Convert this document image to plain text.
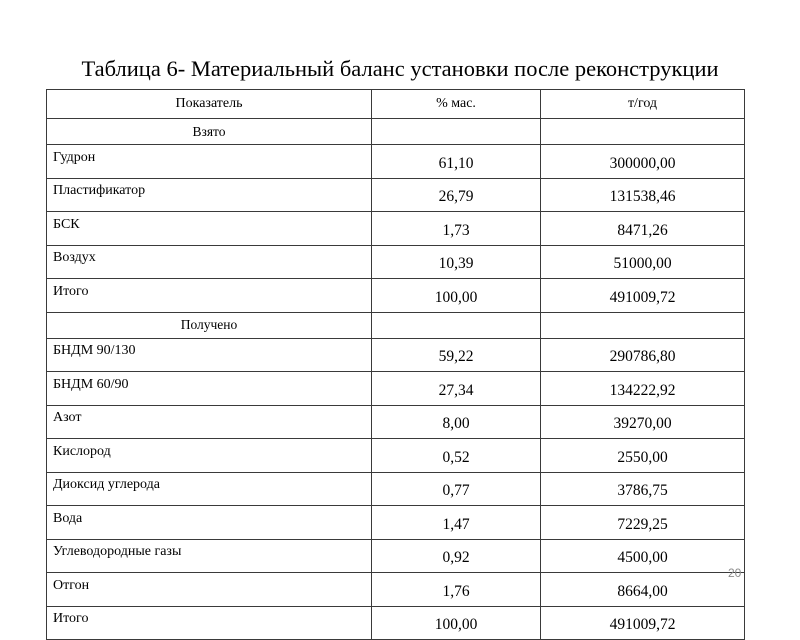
Таблица 6- Материальный баланс установки после реконструкции
Показатель	% мас.	т/год
Взято		
Гудрон	61,10	300000,00
Пластификатор	26,79	131538,46
БСК	1,73	8471,26
Воздух	10,39	51000,00
Итого	100,00	491009,72
Получено		
БНДМ 90/130	59,22	290786,80
БНДМ 60/90	27,34	134222,92
Азот	8,00	39270,00
Кислород	0,52	2550,00
Диоксид углерода	0,77	3786,75
Вода	1,47	7229,25
Углеводородные газы	0,92	4500,00
Отгон	1,76	8664,00
Итого	100,00	491009,72
20
